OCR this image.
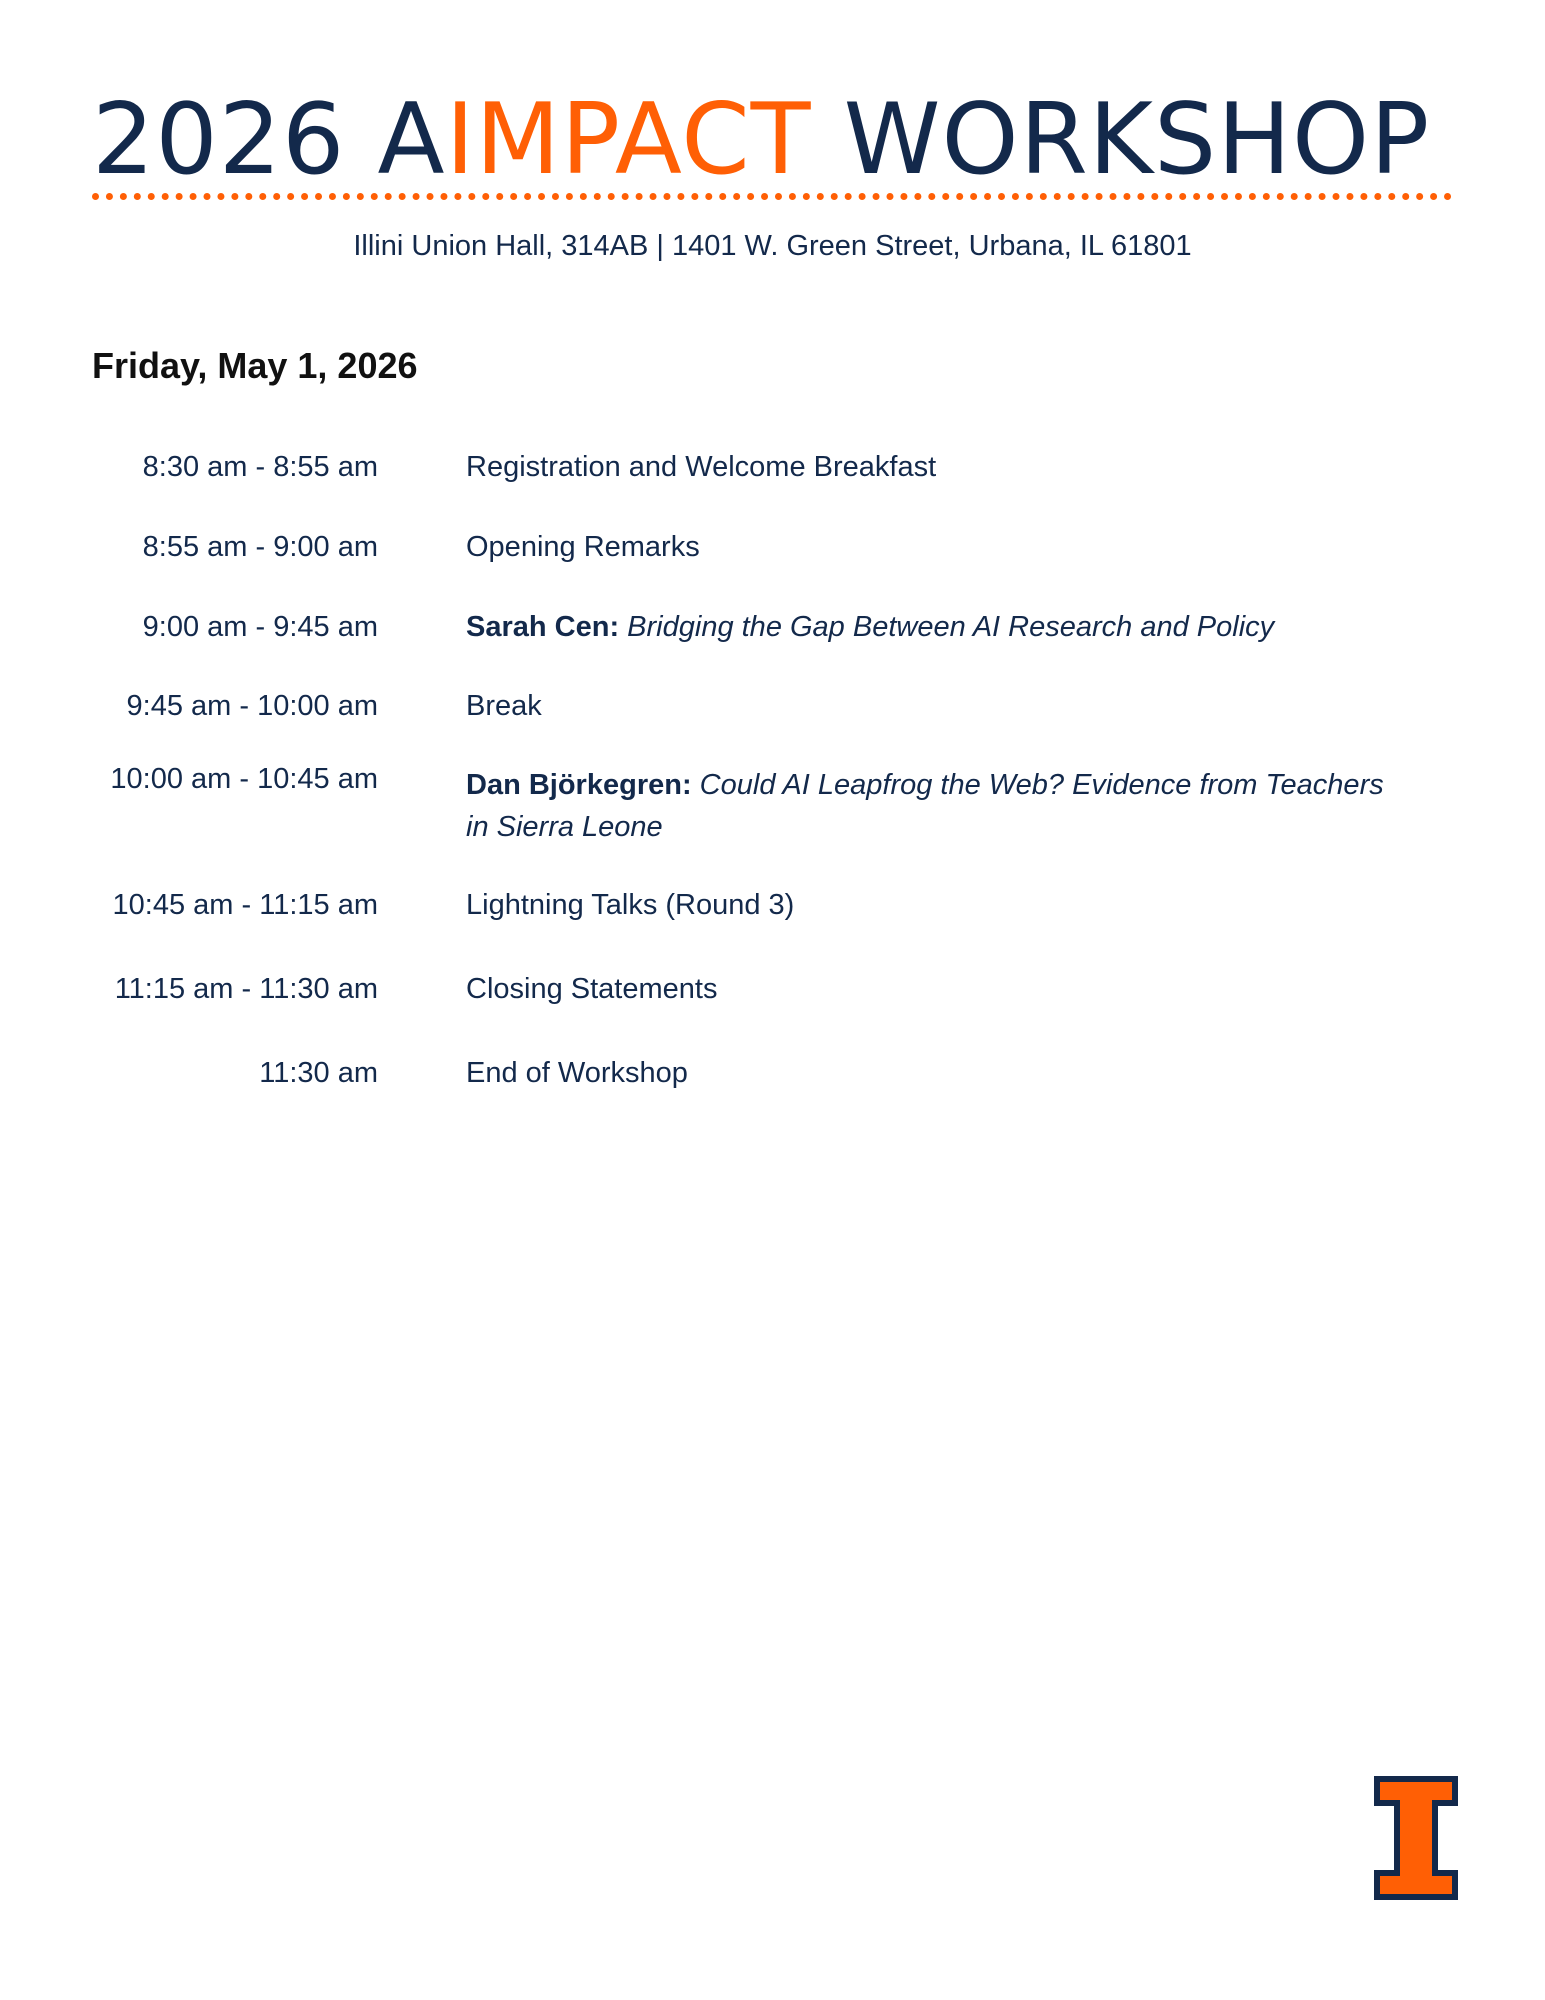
2026 AIMPACT WORKSHOP
Illini Union Hall, 314AB | 1401 W. Green Street, Urbana, IL 61801
Friday, May 1, 2026
8:30 am - 8:55 am	Registration and Welcome Breakfast
8:55 am - 9:00 am	Opening Remarks
9:00 am - 9:45 am	Sarah Cen: Bridging the Gap Between AI Research and Policy
9:45 am - 10:00 am	Break
10:00 am - 10:45 am	Dan Björkegren: Could AI Leapfrog the Web? Evidence from Teachers in Sierra Leone
10:45 am - 11:15 am	Lightning Talks (Round 3)
11:15 am - 11:30 am	Closing Statements
11:30 am	End of Workshop
